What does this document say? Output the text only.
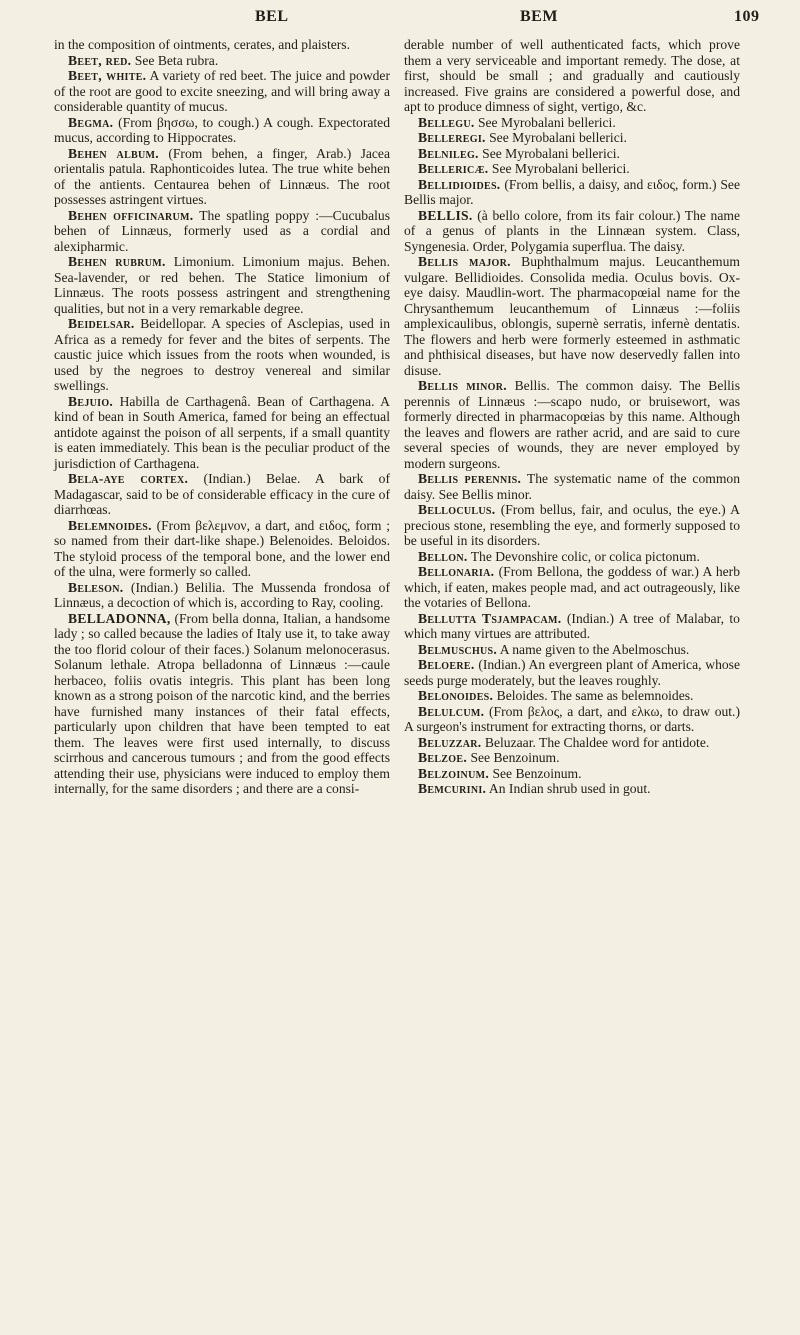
BEL	BEM	109

in the composition of ointments, cerates, and plaisters.

Beet, red. See Beta rubra.

Beet, white. A variety of red beet. The juice and powder of the root are good to excite sneezing, and will bring away a considerable quantity of mucus.

Begma. (From βησσω, to cough.) A cough. Expectorated mucus, according to Hippocrates.

Behen album. (From behen, a finger, Arab.) Jacea orientalis patula. Raphonticoides lutea. The true white behen of the antients. Centaurea behen of Linnæus. The root possesses astringent virtues.

Behen officinarum. The spatling poppy :—Cucubalus behen of Linnæus, formerly used as a cordial and alexipharmic.

Behen rubrum. Limonium. Limonium majus. Behen. Sea-lavender, or red behen. The Statice limonium of Linnæus. The roots possess astringent and strengthening qualities, but not in a very remarkable degree.

Beidelsar. Beidellopar. A species of Asclepias, used in Africa as a remedy for fever and the bites of serpents. The caustic juice which issues from the roots when wounded, is used by the negroes to destroy venereal and similar swellings.

Bejuio. Habilla de Carthagenâ. Bean of Carthagena. A kind of bean in South America, famed for being an effectual antidote against the poison of all serpents, if a small quantity is eaten immediately. This bean is the peculiar product of the jurisdiction of Carthagena.

Bela-aye cortex. (Indian.) Belae. A bark of Madagascar, said to be of considerable efficacy in the cure of diarrhœas.

Belemnoides. (From βελεμνον, a dart, and ειδος, form ; so named from their dart-like shape.) Belenoides. Beloidos. The styloid process of the temporal bone, and the lower end of the ulna, were formerly so called.

Beleson. (Indian.) Belilia. The Mussenda frondosa of Linnæus, a decoction of which is, according to Ray, cooling.

BELLADONNA, (From bella donna, Italian, a handsome lady ; so called because the ladies of Italy use it, to take away the too florid colour of their faces.) Solanum melonocerasus. Solanum lethale. Atropa belladonna of Linnæus :—caule herbaceo, foliis ovatis integris. This plant has been long known as a strong poison of the narcotic kind, and the berries have furnished many instances of their fatal effects, particularly upon children that have been tempted to eat them. The leaves were first used internally, to discuss scirrhous and cancerous tumours ; and from the good effects attending their use, physicians were induced to employ them internally, for the same disorders ; and there are a consi-

derable number of well authenticated facts, which prove them a very serviceable and important remedy. The dose, at first, should be small ; and gradually and cautiously increased. Five grains are considered a powerful dose, and apt to produce dimness of sight, vertigo, &c.

Bellegu. See Myrobalani bellerici.

Belleregi. See Myrobalani bellerici.

Belnileg. See Myrobalani bellerici.

Bellericæ. See Myrobalani bellerici.

Bellidioides. (From bellis, a daisy, and ειδος, form.) See Bellis major.

BELLIS. (à bello colore, from its fair colour.) The name of a genus of plants in the Linnæan system. Class, Syngenesia. Order, Polygamia superflua. The daisy.

Bellis major. Buphthalmum majus. Leucanthemum vulgare. Bellidioides. Consolida media. Oculus bovis. Ox-eye daisy. Maudlin-wort. The pharmacopœial name for the Chrysanthemum leucanthemum of Linnæus :—foliis amplexicaulibus, oblongis, supernè serratis, infernè dentatis. The flowers and herb were formerly esteemed in asthmatic and phthisical diseases, but have now deservedly fallen into disuse.

Bellis minor. Bellis. The common daisy. The Bellis perennis of Linnæus :—scapo nudo, or bruisewort, was formerly directed in pharmacopœias by this name. Although the leaves and flowers are rather acrid, and are said to cure several species of wounds, they are never employed by modern surgeons.

Bellis perennis. The systematic name of the common daisy. See Bellis minor.

Belloculus. (From bellus, fair, and oculus, the eye.) A precious stone, resembling the eye, and formerly supposed to be useful in its disorders.

Bellon. The Devonshire colic, or colica pictonum.

Bellonaria. (From Bellona, the goddess of war.) A herb which, if eaten, makes people mad, and act outrageously, like the votaries of Bellona.

Bellutta Tsjampacam. (Indian.) A tree of Malabar, to which many virtues are attributed.

Belmuschus. A name given to the Abelmoschus.

Beloere. (Indian.) An evergreen plant of America, whose seeds purge moderately, but the leaves roughly.

Belonoides. Beloides. The same as belemnoides.

Belulcum. (From βελος, a dart, and ελκω, to draw out.) A surgeon's instrument for extracting thorns, or darts.

Beluzzar. Beluzaar. The Chaldee word for antidote.

Belzoe. See Benzoinum.

Belzoinum. See Benzoinum.

Bemcurini. An Indian shrub used in gout.
